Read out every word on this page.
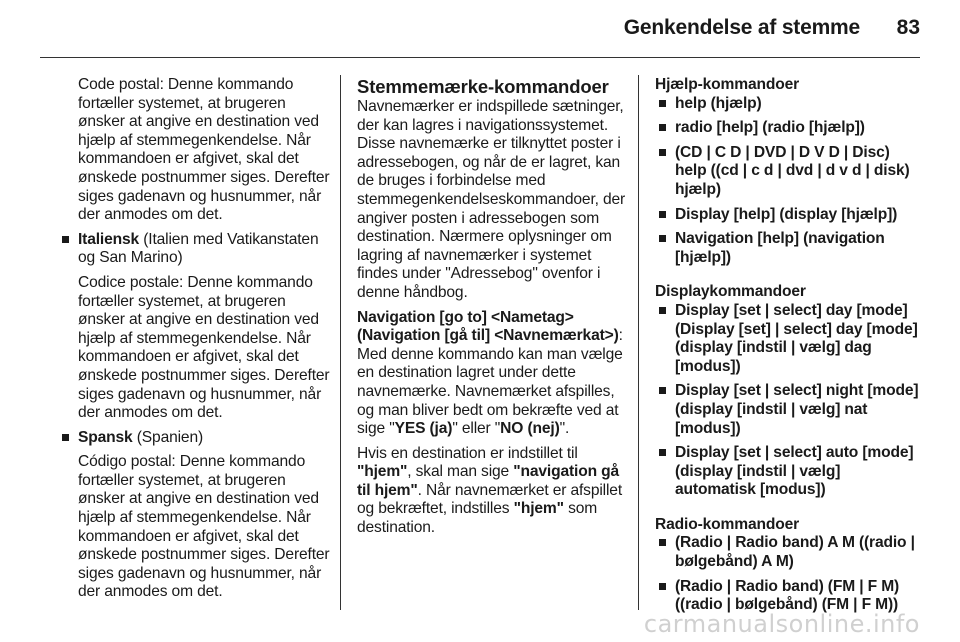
Genkendelse af stemme 83

Code postal: Denne kommando fortæller systemet, at brugeren ønsker at angive en destination ved hjælp af stemmegenkendelse. Når kommandoen er afgivet, skal det ønskede postnummer siges. Derefter siges gadenavn og husnummer, når der anmodes om det.

Italiensk (Italien med Vatikanstaten og San Marino)

Codice postale: Denne kommando fortæller systemet, at brugeren ønsker at angive en destination ved hjælp af stemmegenkendelse. Når kommandoen er afgivet, skal det ønskede postnummer siges. Derefter siges gadenavn og husnummer, når der anmodes om det.

Spansk (Spanien)

Código postal: Denne kommando fortæller systemet, at brugeren ønsker at angive en destination ved hjælp af stemmegenkendelse. Når kommandoen er afgivet, skal det ønskede postnummer siges. Derefter siges gadenavn og husnummer, når der anmodes om det.

Stemmemærke-kommandoer

Navnemærker er indspillede sætninger, der kan lagres i navigationssystemet. Disse navnemærke er tilknyttet poster i adressebogen, og når de er lagret, kan de bruges i forbindelse med stemmegenkendelseskommandoer, der angiver posten i adressebogen som destination. Nærmere oplysninger om lagring af navnemærker i systemet findes under "Adressebog" ovenfor i denne håndbog.

Navigation [go to] <Nametag> (Navigation [gå til] <Navnemærkat>): Med denne kommando kan man vælge en destination lagret under dette navnemærke. Navnemærket afspilles, og man bliver bedt om bekræfte ved at sige "YES (ja)" eller "NO (nej)".

Hvis en destination er indstillet til "hjem", skal man sige "navigation gå til hjem". Når navnemærket er afspillet og bekræftet, indstilles "hjem" som destination.

Hjælp-kommandoer

help (hjælp)
radio [help] (radio [hjælp])
(CD | C D | DVD | D V D | Disc) help ((cd | c d | dvd | d v d | disk) hjælp)
Display [help] (display [hjælp])
Navigation [help] (navigation [hjælp])

Displaykommandoer

Display [set | select] day [mode] (Display [set] | select] day [mode] (display [indstil | vælg] dag [modus])
Display [set | select] night [mode] (display [indstil | vælg] nat [modus])
Display [set | select] auto [mode] (display [indstil | vælg] automatisk [modus])

Radio-kommandoer

(Radio | Radio band) A M ((radio | bølgebånd) A M)
(Radio | Radio band) (FM | F M) ((radio | bølgebånd) (FM | F M))
carmanualsonline.info
